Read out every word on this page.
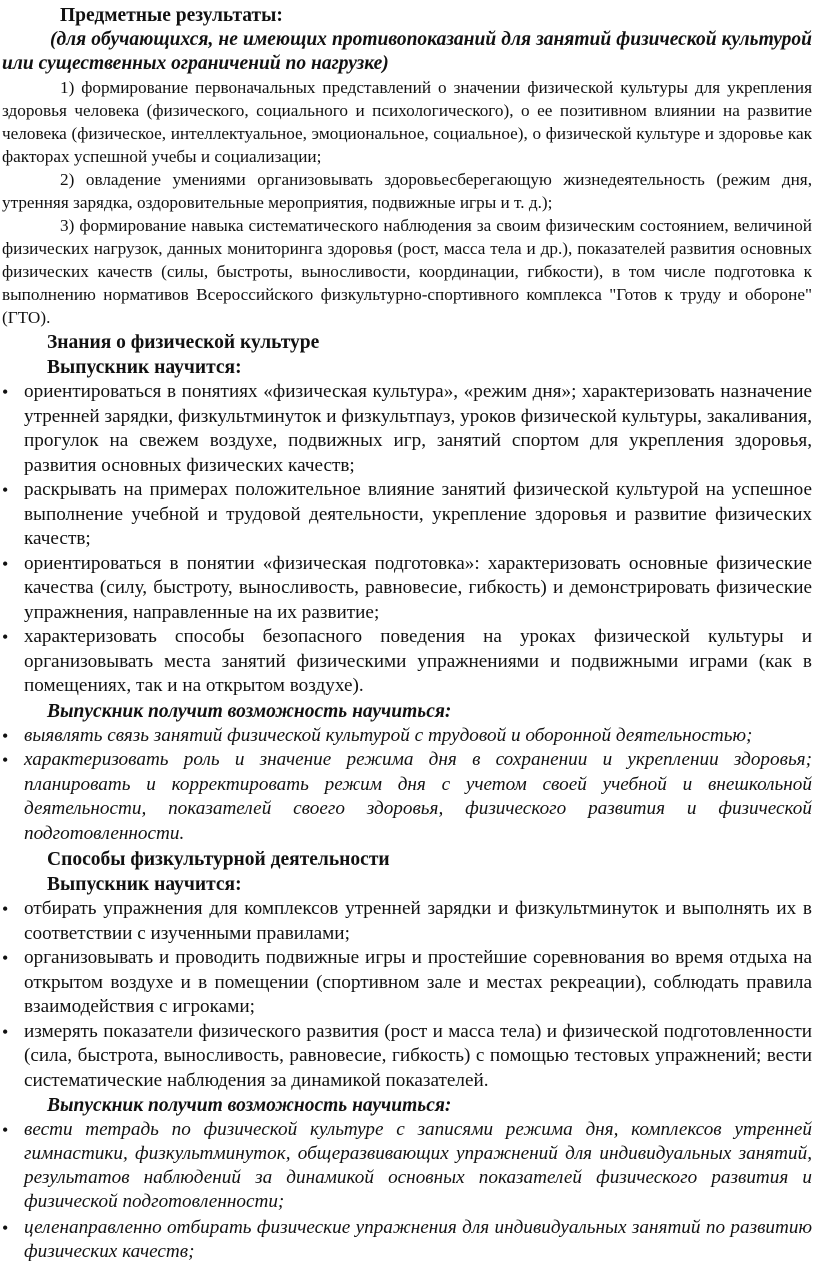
Предметные результаты:

(для обучающихся, не имеющих противопоказаний для занятий физической культурой или существенных ограничений по нагрузке)

1) формирование первоначальных представлений о значении физической культуры для укрепления здоровья человека (физического, социального и психологического), о ее позитивном влиянии на развитие человека (физическое, интеллектуальное, эмоциональное, социальное), о физической культуре и здоровье как факторах успешной учебы и социализации;

2) овладение умениями организовывать здоровьесберегающую жизнедеятельность (режим дня, утренняя зарядка, оздоровительные мероприятия, подвижные игры и т. д.);

3) формирование навыка систематического наблюдения за своим физическим состоянием, величиной физических нагрузок, данных мониторинга здоровья (рост, масса тела и др.), показателей развития основных физических качеств (силы, быстроты, выносливости, координации, гибкости), в том числе подготовка к выполнению нормативов Всероссийского физкультурно-спортивного комплекса "Готов к труду и обороне" (ГТО).

Знания о физической культуре
Выпускник научится:
• ориентироваться в понятиях «физическая культура», «режим дня»; характеризовать назначение утренней зарядки, физкультминуток и физкультпауз, уроков физической культуры, закаливания, прогулок на свежем воздухе, подвижных игр, занятий спортом для укрепления здоровья, развития основных физических качеств;
• раскрывать на примерах положительное влияние занятий физической культурой на успешное выполнение учебной и трудовой деятельности, укрепление здоровья и развитие физических качеств;
• ориентироваться в понятии «физическая подготовка»: характеризовать основные физические качества (силу, быстроту, выносливость, равновесие, гибкость) и демонстрировать физические упражнения, направленные на их развитие;
• характеризовать способы безопасного поведения на уроках физической культуры и организовывать места занятий физическими упражнениями и подвижными играми (как в помещениях, так и на открытом воздухе).
Выпускник получит возможность научиться:
• выявлять связь занятий физической культурой с трудовой и оборонной деятельностью;
• характеризовать роль и значение режима дня в сохранении и укреплении здоровья; планировать и корректировать режим дня с учетом своей учебной и внешкольной деятельности, показателей своего здоровья, физического развития и физической подготовленности.
Способы физкультурной деятельности
Выпускник научится:
• отбирать упражнения для комплексов утренней зарядки и физкультминуток и выполнять их в соответствии с изученными правилами;
• организовывать и проводить подвижные игры и простейшие соревнования во время отдыха на открытом воздухе и в помещении (спортивном зале и местах рекреации), соблюдать правила взаимодействия с игроками;
• измерять показатели физического развития (рост и масса тела) и физической подготовленности (сила, быстрота, выносливость, равновесие, гибкость) с помощью тестовых упражнений; вести систематические наблюдения за динамикой показателей.
Выпускник получит возможность научиться:
• вести тетрадь по физической культуре с записями режима дня, комплексов утренней гимнастики, физкультминуток, общеразвивающих упражнений для индивидуальных занятий, результатов наблюдений за динамикой основных показателей физического развития и физической подготовленности;
• целенаправленно отбирать физические упражнения для индивидуальных занятий по развитию физических качеств;
